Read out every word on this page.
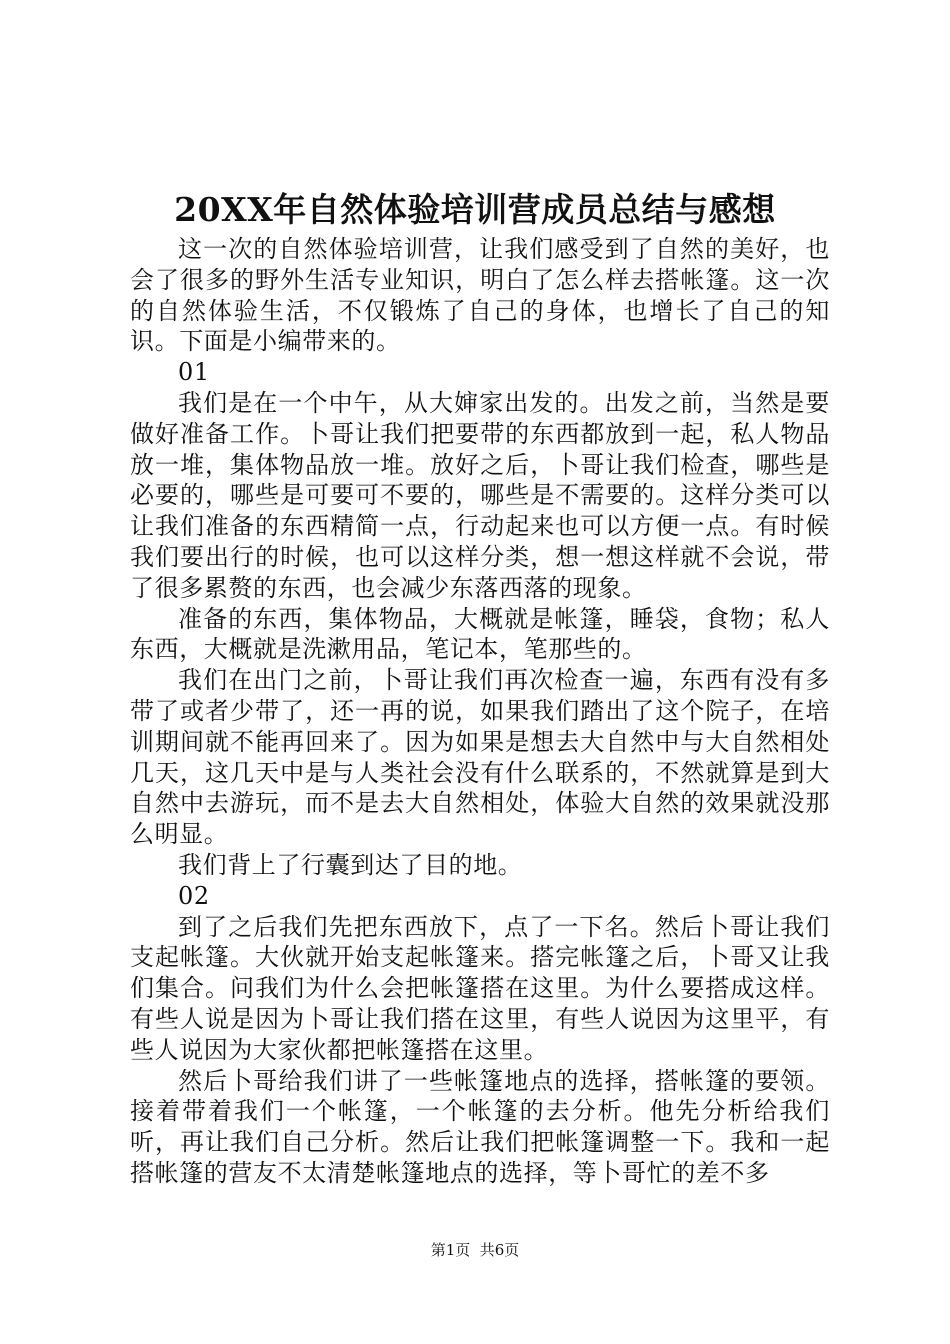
20XX年自然体验培训营成员总结与感想

这一次的自然体验培训营，让我们感受到了自然的美好，也会了很多的野外生活专业知识，明白了怎么样去搭帐篷。这一次的自然体验生活，不仅锻炼了自己的身体，也增长了自己的知识。下面是小编带来的。

01

我们是在一个中午，从大婶家出发的。出发之前，当然是要做好准备工作。卜哥让我们把要带的东西都放到一起，私人物品放一堆，集体物品放一堆。放好之后，卜哥让我们检查，哪些是必要的，哪些是可要可不要的，哪些是不需要的。这样分类可以让我们准备的东西精简一点，行动起来也可以方便一点。有时候我们要出行的时候，也可以这样分类，想一想这样就不会说，带了很多累赘的东西，也会减少东落西落的现象。

准备的东西，集体物品，大概就是帐篷，睡袋，食物；私人东西，大概就是洗漱用品，笔记本，笔那些的。

我们在出门之前，卜哥让我们再次检查一遍，东西有没有多带了或者少带了，还一再的说，如果我们踏出了这个院子，在培训期间就不能再回来了。因为如果是想去大自然中与大自然相处几天，这几天中是与人类社会没有什么联系的，不然就算是到大自然中去游玩，而不是去大自然相处，体验大自然的效果就没那么明显。

我们背上了行囊到达了目的地。

02

到了之后我们先把东西放下，点了一下名。然后卜哥让我们支起帐篷。大伙就开始支起帐篷来。搭完帐篷之后，卜哥又让我们集合。问我们为什么会把帐篷搭在这里。为什么要搭成这样。有些人说是因为卜哥让我们搭在这里，有些人说因为这里平，有些人说因为大家伙都把帐篷搭在这里。

然后卜哥给我们讲了一些帐篷地点的选择，搭帐篷的要领。接着带着我们一个帐篷，一个帐篷的去分析。他先分析给我们听，再让我们自己分析。然后让我们把帐篷调整一下。我和一起搭帐篷的营友不太清楚帐篷地点的选择，等卜哥忙的差不多

第1页  共6页
